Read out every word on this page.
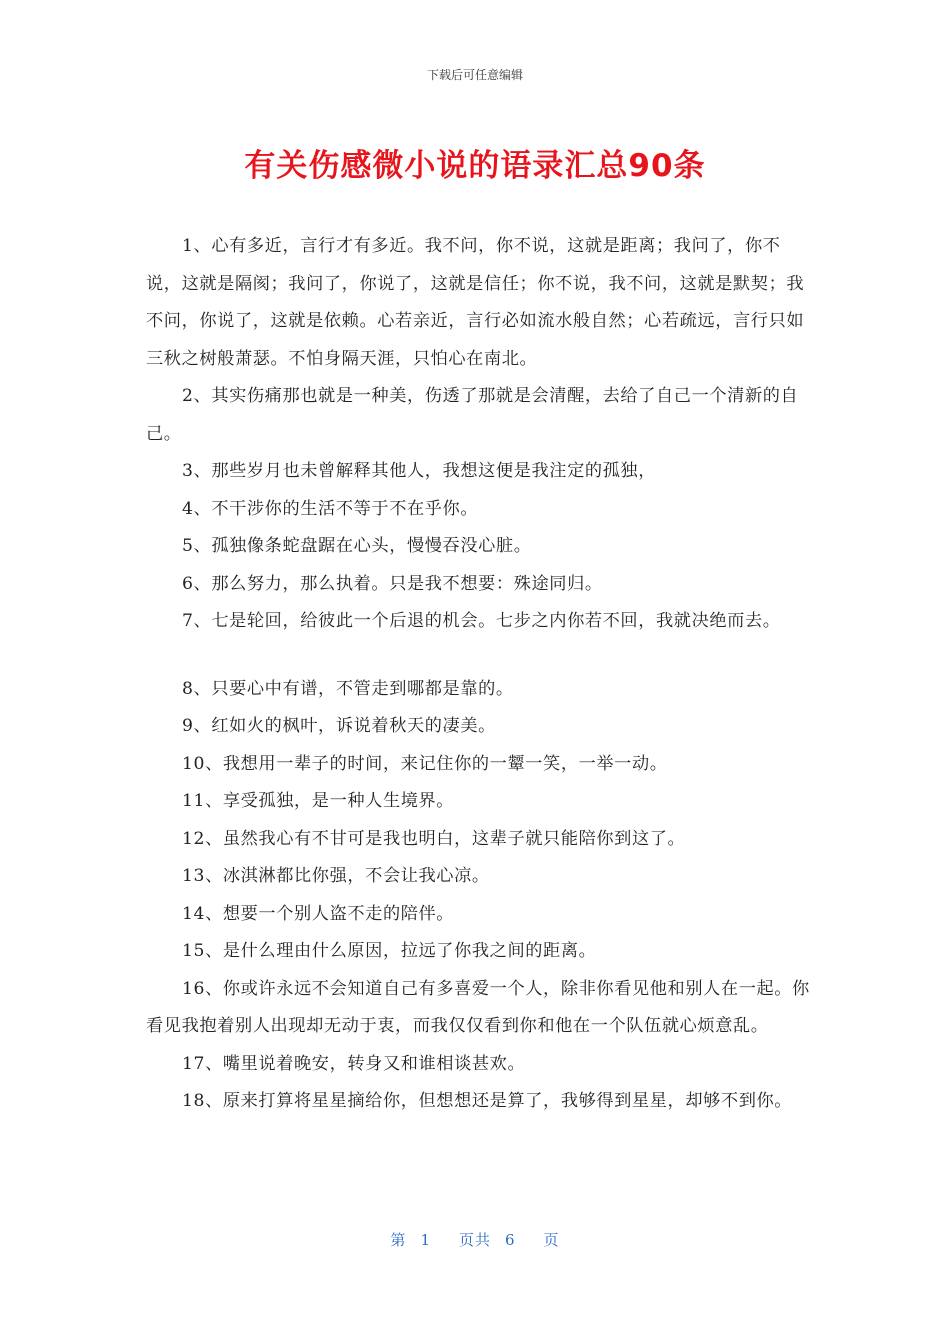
下载后可任意编辑
有关伤感微小说的语录汇总90条

1、心有多近，言行才有多近。我不问，你不说，这就是距离；我问了，你不说，这就是隔阂；我问了，你说了，这就是信任；你不说，我不问，这就是默契；我不问，你说了，这就是依赖。心若亲近，言行必如流水般自然；心若疏远，言行只如三秋之树般萧瑟。不怕身隔天涯，只怕心在南北。

2、其实伤痛那也就是一种美，伤透了那就是会清醒，去给了自己一个清新的自己。

3、那些岁月也未曾解释其他人，我想这便是我注定的孤独，

4、不干涉你的生活不等于不在乎你。

5、孤独像条蛇盘踞在心头，慢慢吞没心脏。

6、那么努力，那么执着。只是我不想要：殊途同归。

7、七是轮回，给彼此一个后退的机会。七步之内你若不回，我就决绝而去。

8、只要心中有谱，不管走到哪都是靠的。

9、红如火的枫叶，诉说着秋天的凄美。

10、我想用一辈子的时间，来记住你的一颦一笑，一举一动。

11、享受孤独，是一种人生境界。

12、虽然我心有不甘可是我也明白，这辈子就只能陪你到这了。

13、冰淇淋都比你强，不会让我心凉。

14、想要一个别人盗不走的陪伴。

15、是什么理由什么原因，拉远了你我之间的距离。

16、你或许永远不会知道自己有多喜爱一个人，除非你看见他和别人在一起。你看见我抱着别人出现却无动于衷，而我仅仅看到你和他在一个队伍就心烦意乱。

17、嘴里说着晚安，转身又和谁相谈甚欢。

18、原来打算将星星摘给你，但想想还是算了，我够得到星星，却够不到你。

第 1 页共 6 页
